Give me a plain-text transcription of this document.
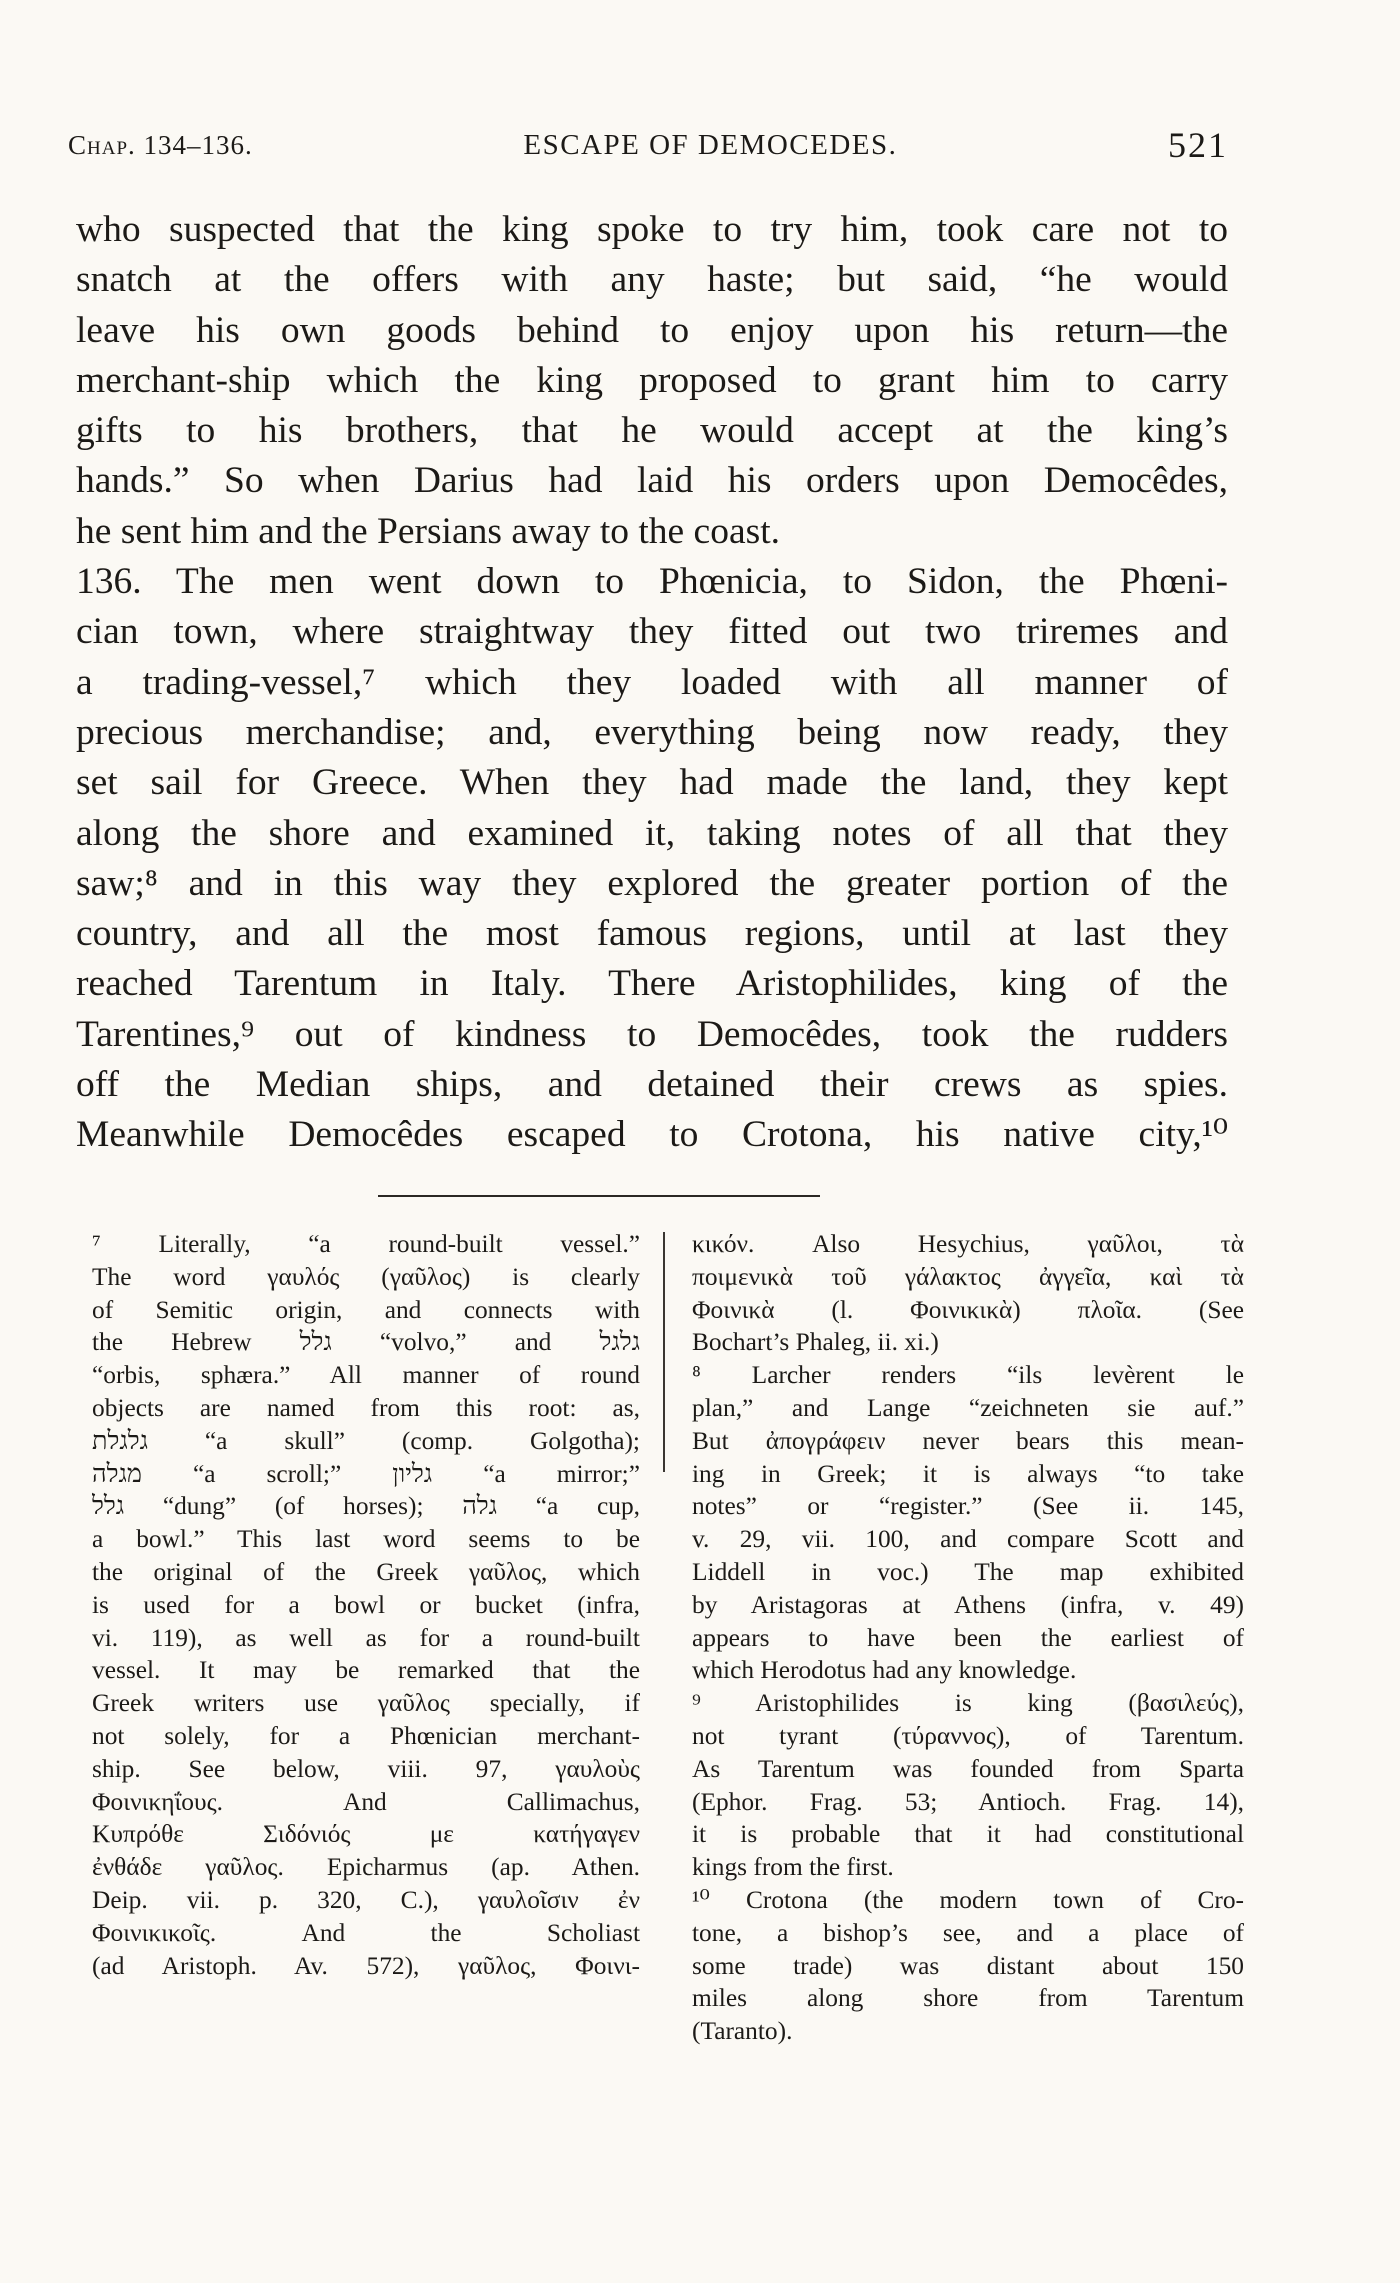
Chap. 134–136.	ESCAPE OF DEMOCEDES.	521
who suspected that the king spoke to try him, took care not to
snatch at the offers with any haste; but said, “he would
leave his own goods behind to enjoy upon his return—the
merchant-ship which the king proposed to grant him to carry
gifts to his brothers, that he would accept at the king’s
hands.” So when Darius had laid his orders upon Democêdes,
he sent him and the Persians away to the coast.
136. The men went down to Phœnicia, to Sidon, the Phœni-
cian town, where straightway they fitted out two triremes and
a trading-vessel,⁷ which they loaded with all manner of
precious merchandise; and, everything being now ready, they
set sail for Greece. When they had made the land, they kept
along the shore and examined it, taking notes of all that they
saw;⁸ and in this way they explored the greater portion of the
country, and all the most famous regions, until at last they
reached Tarentum in Italy. There Aristophilides, king of the
Tarentines,⁹ out of kindness to Democêdes, took the rudders
off the Median ships, and detained their crews as spies.
Meanwhile Democêdes escaped to Crotona, his native city,¹⁰
⁷ Literally, “a round-built vessel.”
The word γαυλός (γαῦλος) is clearly
of Semitic origin, and connects with
the Hebrew גלל “volvo,” and גלגל
“orbis, sphæra.” All manner of round
objects are named from this root: as,
גלגלת “a skull” (comp. Golgotha);
מגלה “a scroll;” גליון “a mirror;”
גלל “dung” (of horses); גלה “a cup,
a bowl.” This last word seems to be
the original of the Greek γαῦλος, which
is used for a bowl or bucket (infra,
vi. 119), as well as for a round-built
vessel. It may be remarked that the
Greek writers use γαῦλος specially, if
not solely, for a Phœnician merchant-
ship. See below, viii. 97, γαυλοὺς
Φοινικηΐους. And Callimachus,
Κυπρόθε Σιδόνιός με κατήγαγεν
ἐνθάδε γαῦλος. Epicharmus (ap. Athen.
Deip. vii. p. 320, C.), γαυλοῖσιν ἐν
Φοινικικοῖς. And the Scholiast
(ad Aristoph. Av. 572), γαῦλος, Φοινι-
κικόν. Also Hesychius, γαῦλοι, τὰ
ποιμενικὰ τοῦ γάλακτος ἀγγεῖα, καὶ τὰ
Φοινικὰ (l. Φοινικικὰ) πλοῖα. (See
Bochart’s Phaleg, ii. xi.)
⁸ Larcher renders “ils levèrent le
plan,” and Lange “zeichneten sie auf.”
But ἀπογράφειν never bears this mean-
ing in Greek; it is always “to take
notes” or “register.” (See ii. 145,
v. 29, vii. 100, and compare Scott and
Liddell in voc.) The map exhibited
by Aristagoras at Athens (infra, v. 49)
appears to have been the earliest of
which Herodotus had any knowledge.
⁹ Aristophilides is king (βασιλεύς),
not tyrant (τύραννος), of Tarentum.
As Tarentum was founded from Sparta
(Ephor. Frag. 53; Antioch. Frag. 14),
it is probable that it had constitutional
kings from the first.
¹⁰ Crotona (the modern town of Cro-
tone, a bishop’s see, and a place of
some trade) was distant about 150
miles along shore from Tarentum
(Taranto).
